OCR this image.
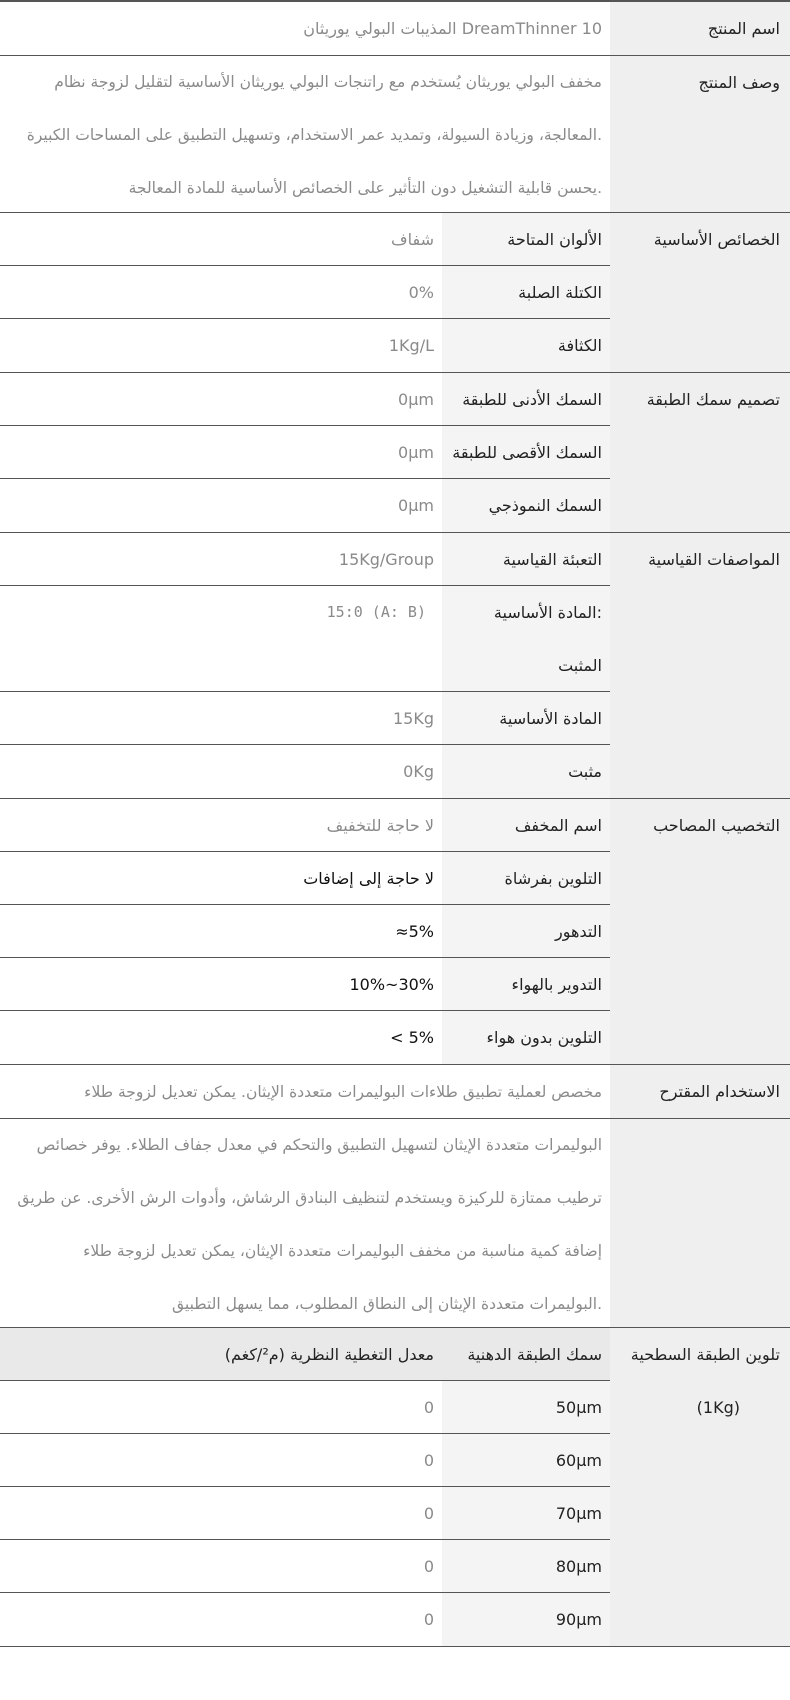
اسم المنتج
DreamThinner 10 المذيبات البولي يوريثان
وصف المنتج
مخفف البولي يوريثان يُستخدم مع راتنجات البولي يوريثان الأساسية لتقليل لزوجة نظام
.المعالجة، وزيادة السيولة، وتمديد عمر الاستخدام، وتسهيل التطبيق على المساحات الكبيرة
.يحسن قابلية التشغيل دون التأثير على الخصائص الأساسية للمادة المعالجة
الخصائص الأساسية
الألوان المتاحة
شفاف
الكتلة الصلبة
0%
الكثافة
1Kg/L
تصميم سمك الطبقة
السمك الأدنى للطبقة
0μm
السمك الأقصى للطبقة
0μm
السمك النموذجي
0μm
المواصفات القياسية
التعبئة القياسية
15Kg/Group
:المادة الأساسية
المثبت
15:0 (A: B)
المادة الأساسية
15Kg
مثبت
0Kg
التخصيب المصاحب
اسم المخفف
لا حاجة للتخفيف
التلوين بفرشاة
لا حاجة إلى إضافات
التدهور
≈5%
التدوير بالهواء
10%~30%
التلوين بدون هواء
< 5%
الاستخدام المقترح
مخصص لعملية تطبيق طلاءات البوليمرات متعددة الإيثان. يمكن تعديل لزوجة طلاء
البوليمرات متعددة الإيثان لتسهيل التطبيق والتحكم في معدل جفاف الطلاء. يوفر خصائص
ترطيب ممتازة للركيزة ويستخدم لتنظيف البنادق الرشاش، وأدوات الرش الأخرى. عن طريق
إضافة كمية مناسبة من مخفف البوليمرات متعددة الإيثان، يمكن تعديل لزوجة طلاء
.البوليمرات متعددة الإيثان إلى النطاق المطلوب، مما يسهل التطبيق
تلوين الطبقة السطحية
(1Kg)
سمك الطبقة الدهنية
معدل التغطية النظرية (م²/كغم)
50μm
0
60μm
0
70μm
0
80μm
0
90μm
0
